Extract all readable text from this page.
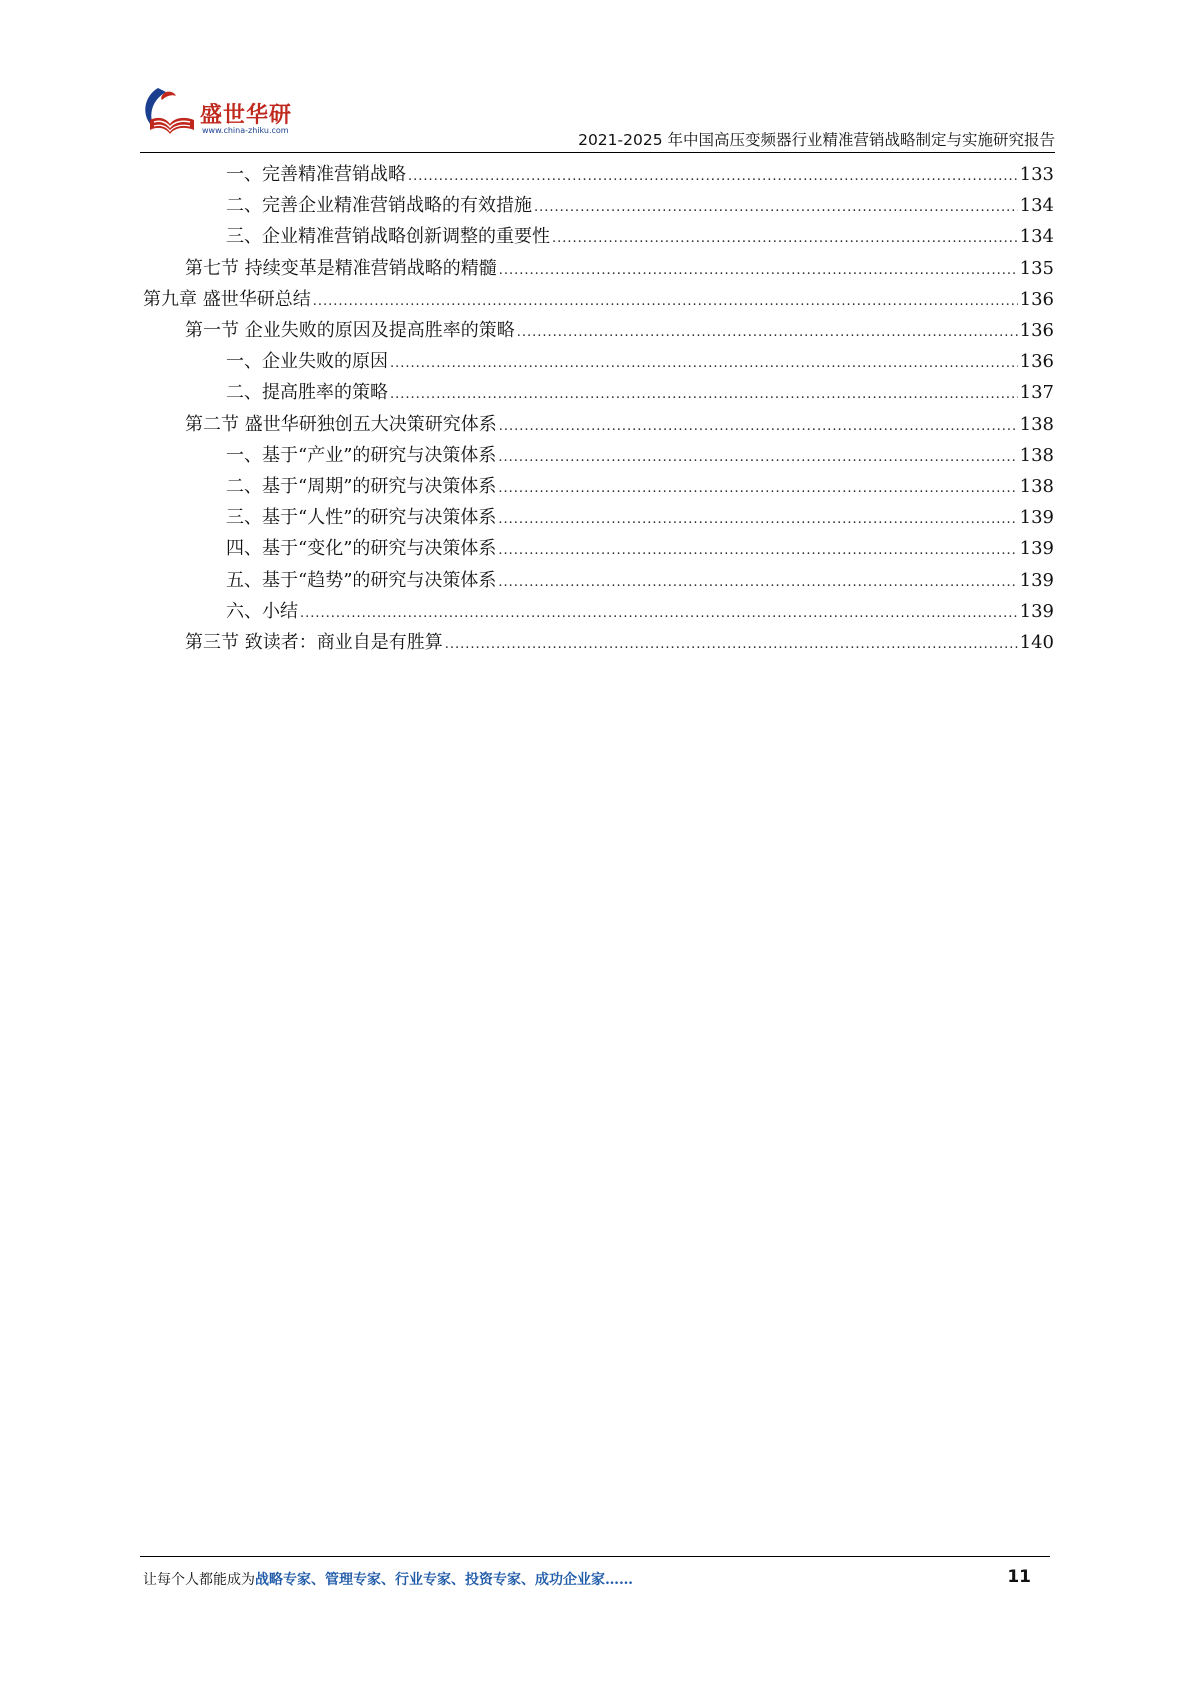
盛世华研
www.china-zhiku.com
2021-2025 年中国高压变频器行业精准营销战略制定与实施研究报告
一、完善精准营销战略 .....	133
二、完善企业精准营销战略的有效措施 .....	134
三、企业精准营销战略创新调整的重要性 .....	134
第七节 持续变革是精准营销战略的精髓 .....	135
第九章 盛世华研总结 .....	136
第一节 企业失败的原因及提高胜率的策略 .....	136
一、企业失败的原因 .....	136
二、提高胜率的策略 .....	137
第二节 盛世华研独创五大决策研究体系 .....	138
一、基于“产业”的研究与决策体系 .....	138
二、基于“周期”的研究与决策体系 .....	138
三、基于“人性”的研究与决策体系 .....	139
四、基于“变化”的研究与决策体系 .....	139
五、基于“趋势”的研究与决策体系 .....	139
六、小结 .....	139
第三节 致读者：商业自是有胜算 .....	140
让每个人都能成为战略专家、管理专家、行业专家、投资专家、成功企业家……	11
